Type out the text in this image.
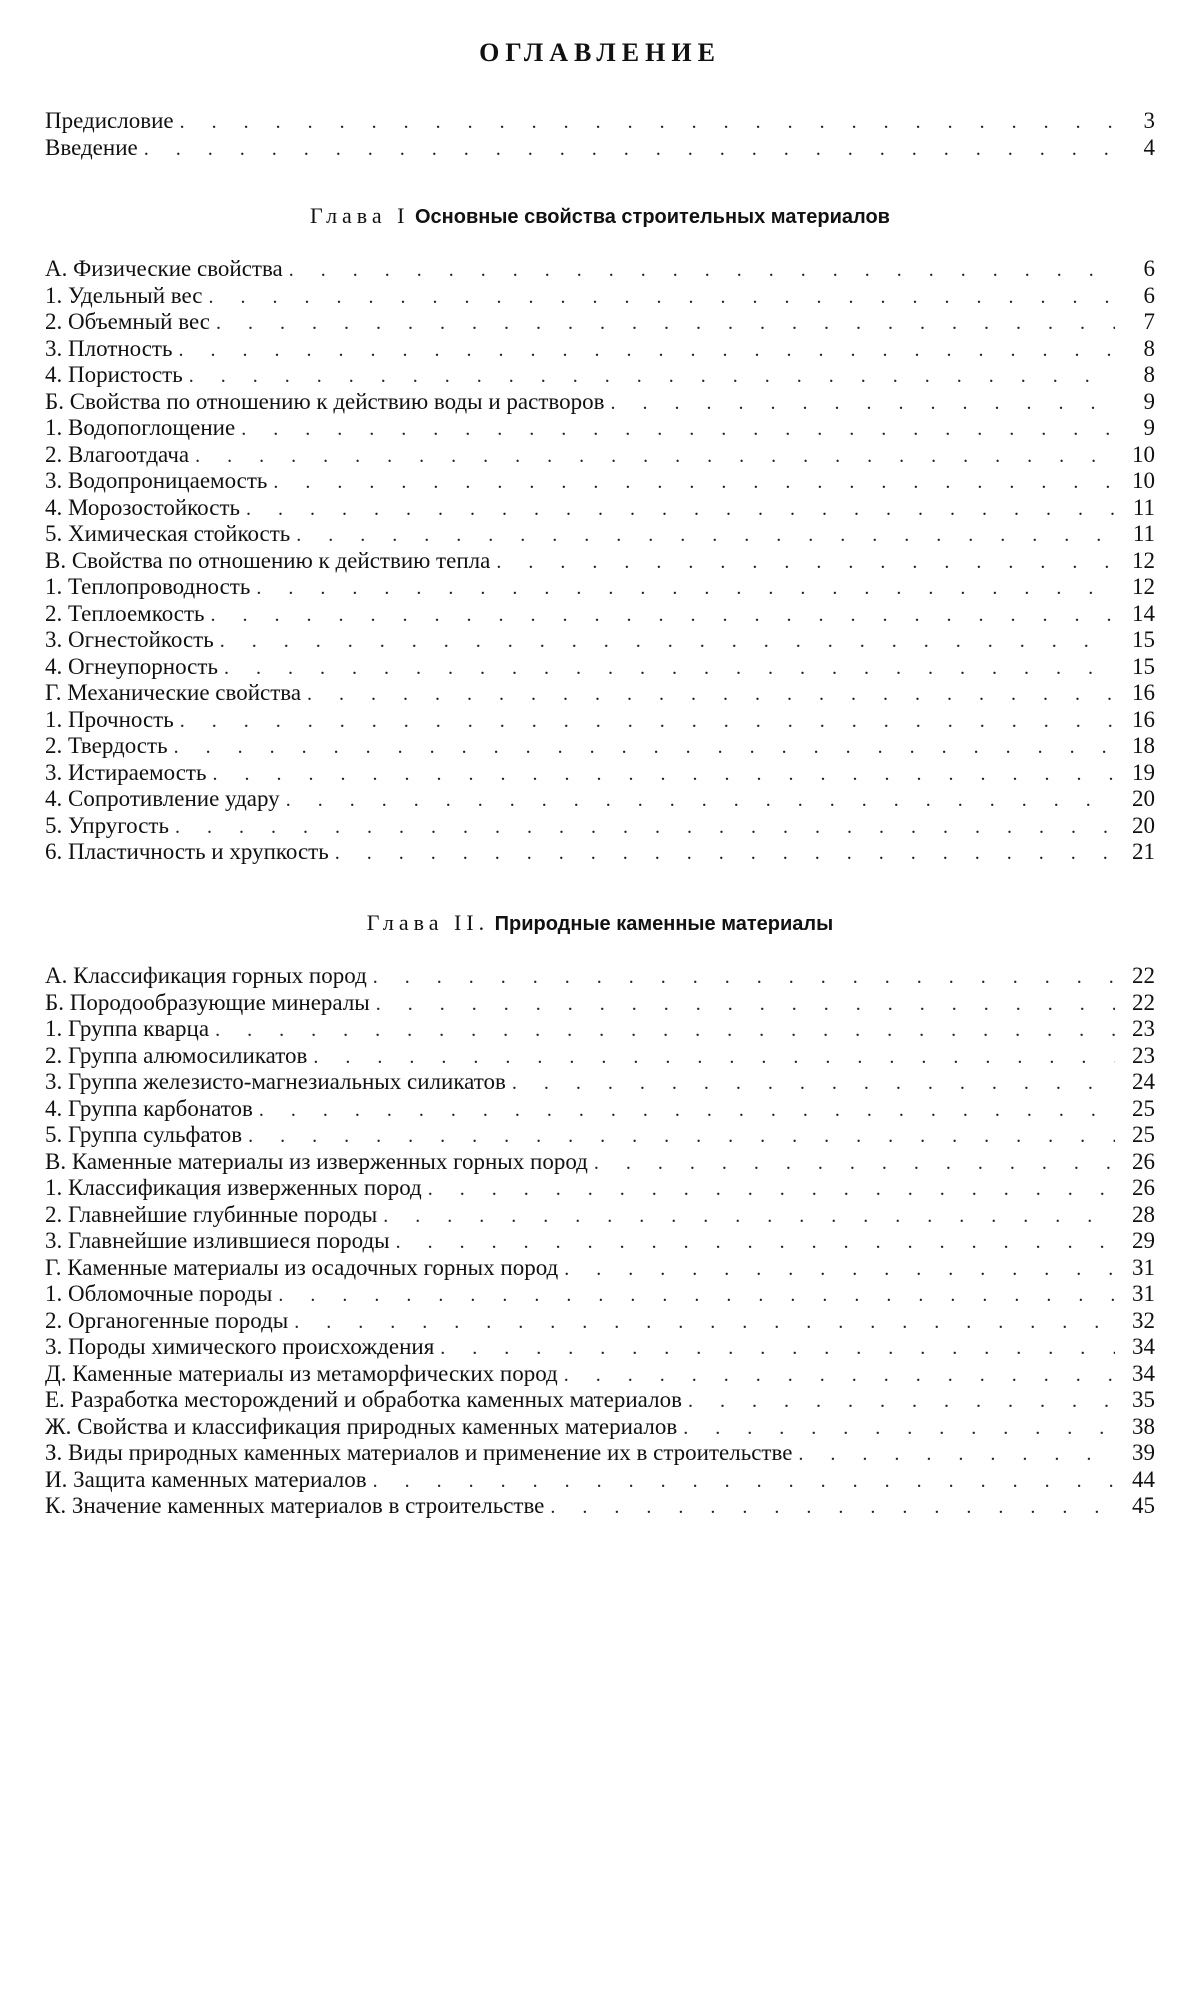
ОГЛАВЛЕНИЕ
Предисловие . . .	3
Введение . . .	4

Глава I Основные свойства строительных материалов

А. Физические свойства . . .	6
1. Удельный вес . . .	6
2. Объемный вес . . .	7
3. Плотность . . .	8
4. Пористость . . .	8
Б. Свойства по отношению к действию воды и растворов . . .	9
1. Водопоглощение . . .	9
2. Влагоотдача . . .	10
3. Водопроницаемость . . .	10
4. Морозостойкость . . .	11
5. Химическая стойкость . . .	11
В. Свойства по отношению к действию тепла . . .	12
1. Теплопроводность . . .	12
2. Теплоемкость . . .	14
3. Огнестойкость . . .	15
4. Огнеупорность . . .	15
Г. Механические свойства . . .	16
1. Прочность . . .	16
2. Твердость . . .	18
3. Истираемость . . .	19
4. Сопротивление удару . . .	20
5. Упругость . . .	20
6. Пластичность и хрупкость . . .	21

Глава II. Природные каменные материалы

А. Классификация горных пород . . .	22
Б. Породообразующие минералы . . .	22
1. Группа кварца . . .	23
2. Группа алюмосиликатов . . .	23
3. Группа железисто-магнезиальных силикатов . . .	24
4. Группа карбонатов . . .	25
5. Группа сульфатов . . .	25
В. Каменные материалы из изверженных горных пород . . .	26
1. Классификация изверженных пород . . .	26
2. Главнейшие глубинные породы . . .	28
3. Главнейшие излившиеся породы . . .	29
Г. Каменные материалы из осадочных горных пород . . .	31
1. Обломочные породы . . .	31
2. Органогенные породы . . .	32
3. Породы химического происхождения . . .	34
Д. Каменные материалы из метаморфических пород . . .	34
Е. Разработка месторождений и обработка каменных материалов . . .	35
Ж. Свойства и классификация природных каменных материалов . . .	38
З. Виды природных каменных материалов и применение их в строительстве . . .	39
И. Защита каменных материалов . . .	44
К. Значение каменных материалов в строительстве . . .	45
